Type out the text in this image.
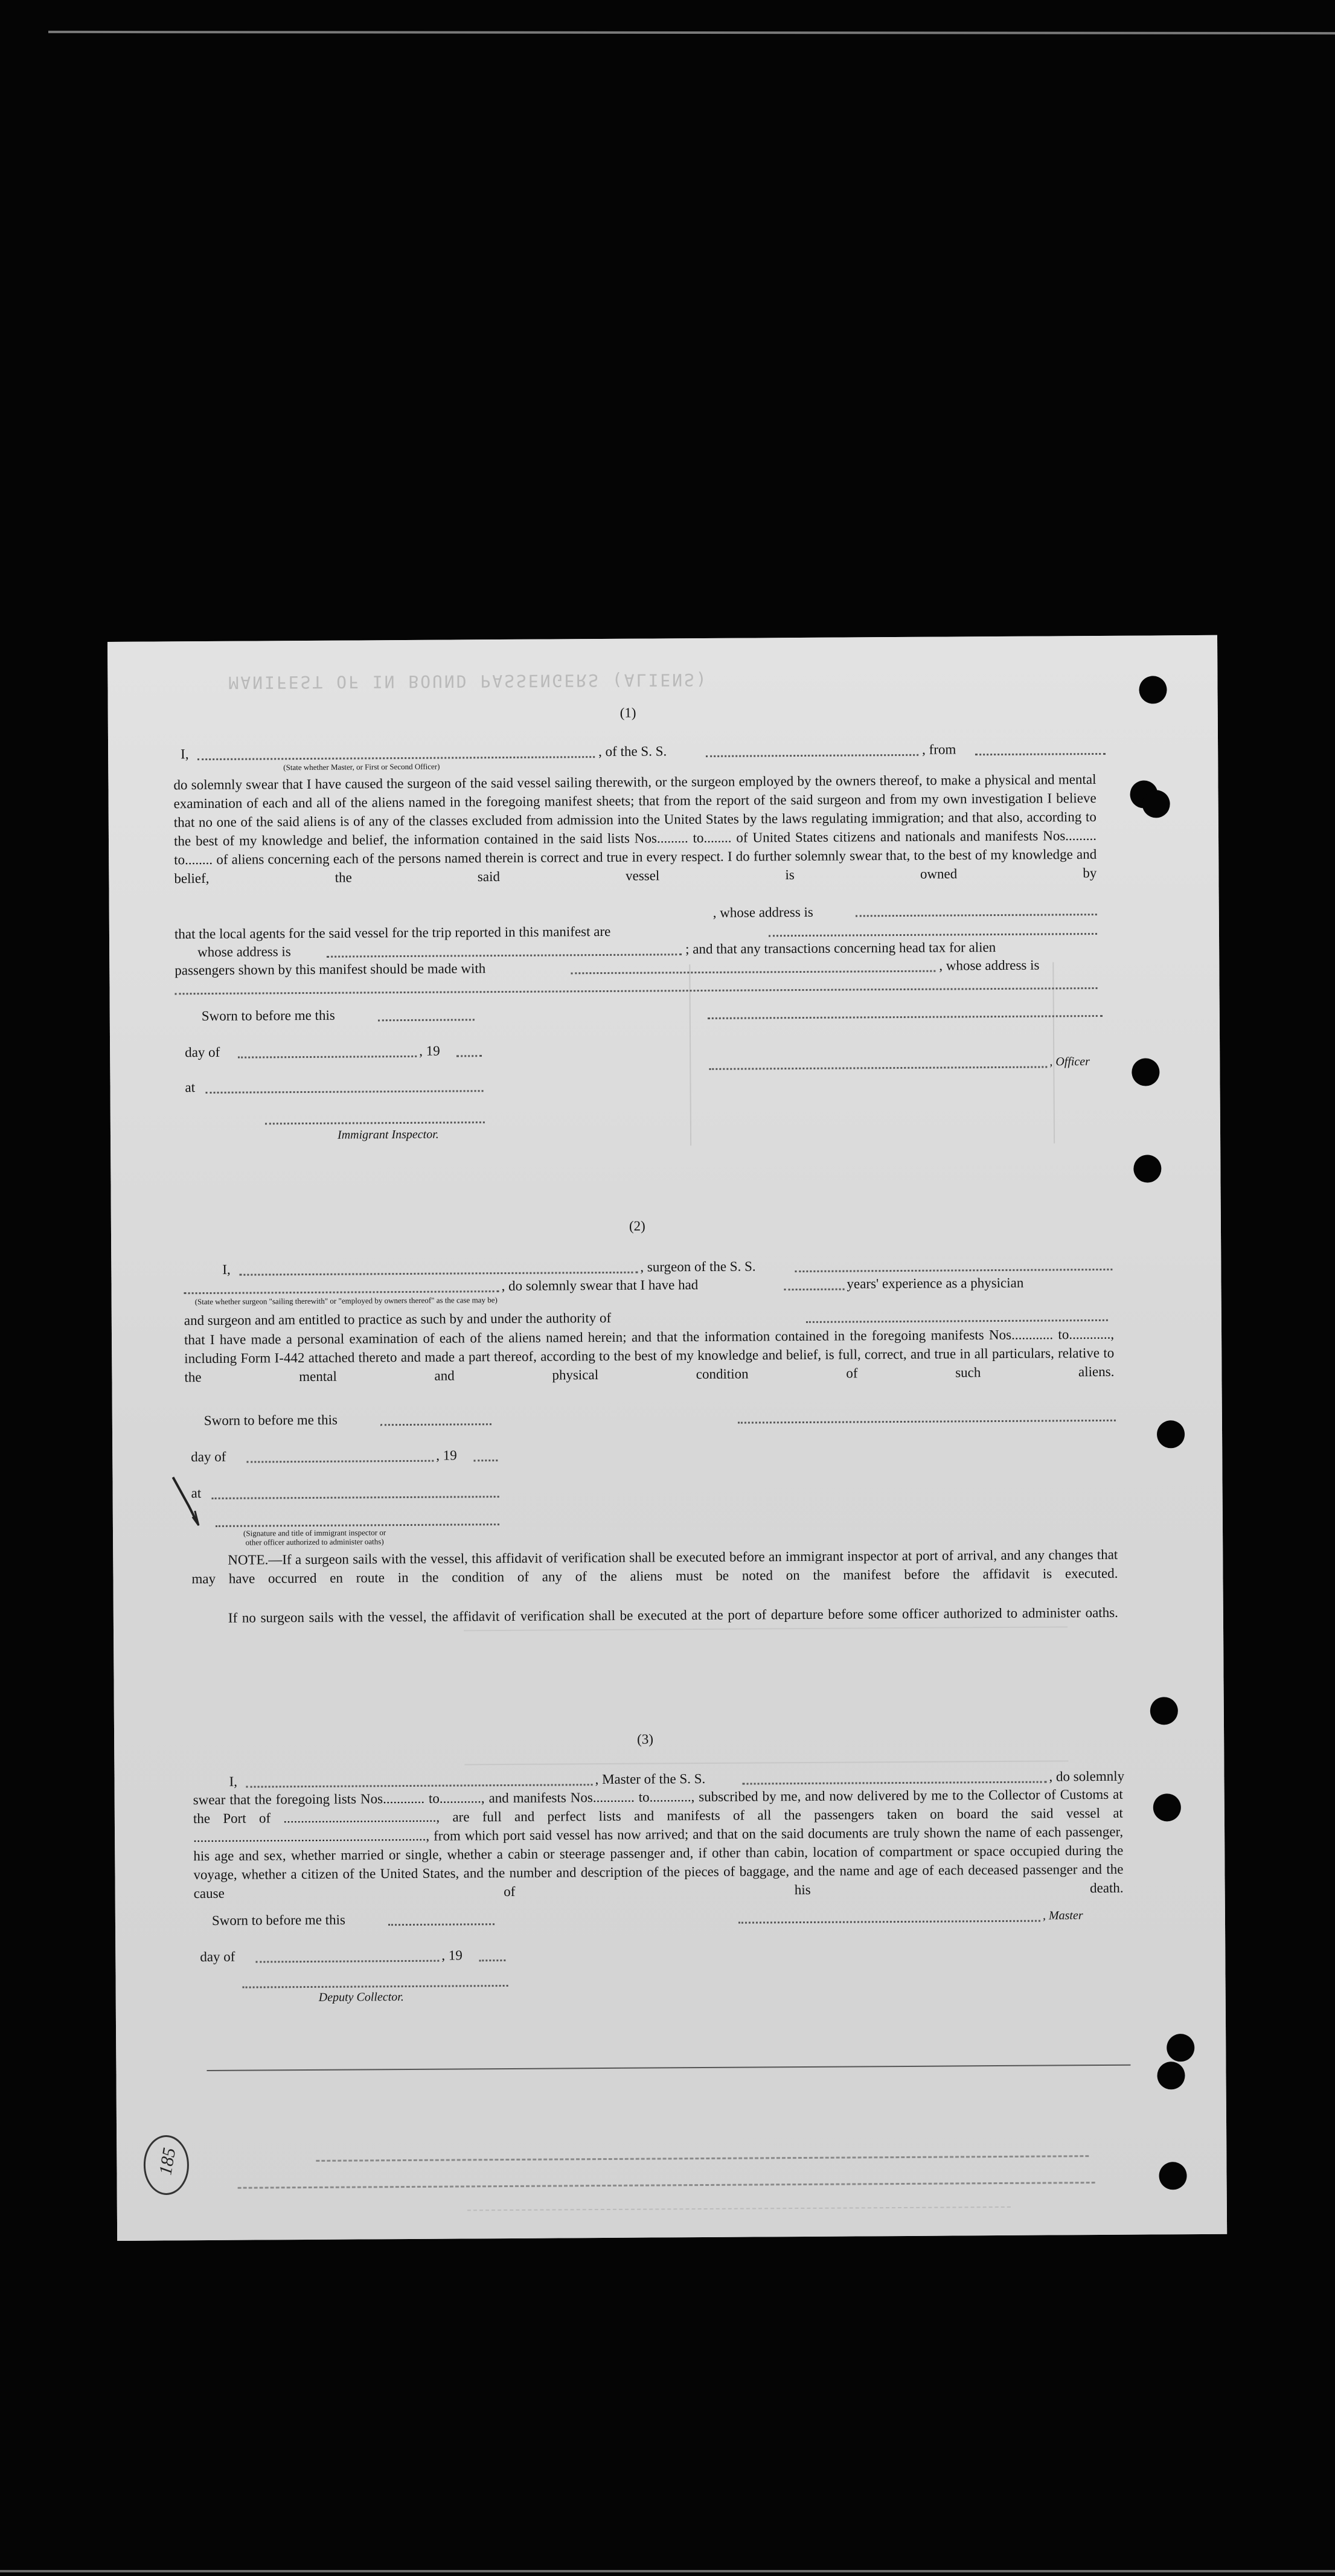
MANIFEST OF IN BOUND PASSENGERS (ALIENS)
(1)
I,	, of the S. S.	, from
(State whether Master, or First or Second Officer)
do solemnly swear that I have caused the surgeon of the said vessel sailing therewith, or the surgeon employed by the owners thereof, to make a physical and mental examination of each and all of the aliens named in the foregoing manifest sheets; that from the report of the said surgeon and from my own investigation I believe that no one of the said aliens is of any of the classes excluded from admission into the United States by the laws regulating immigration; and that also, according to the best of my knowledge and belief, the information contained in the said lists Nos......... to........ of United States citizens and nationals and manifests Nos......... to........ of aliens concerning each of the persons named therein is correct and true in every respect. I do further solemnly swear that, to the best of my knowledge and belief, the said vessel is owned by
, whose address is
that the local agents for the said vessel for the trip reported in this manifest are
whose address is	; and that any transactions concerning head tax for alien
passengers shown by this manifest should be made with	, whose address is
Sworn to before me this
day of	, 19
, Officer
at
Immigrant Inspector.
(2)
I,	, surgeon of the S. S.
, do solemnly swear that I have had	years' experience as a physician
(State whether surgeon "sailing therewith" or "employed by owners thereof" as the case may be)
and surgeon and am entitled to practice as such by and under the authority of
that I have made a personal examination of each of the aliens named herein; and that the information contained in the foregoing manifests Nos............ to............, including Form I-442 attached thereto and made a part thereof, according to the best of my knowledge and belief, is full, correct, and true in all particulars, relative to the mental and physical condition of such aliens.
Sworn to before me this
day of	, 19
at
(Signature and title of immigrant inspector or
other officer authorized to administer oaths)
NOTE.—If a surgeon sails with the vessel, this affidavit of verification shall be executed before an immigrant inspector at port of arrival, and any changes that may have occurred en route in the condition of any of the aliens must be noted on the manifest before the affidavit is executed.
If no surgeon sails with the vessel, the affidavit of verification shall be executed at the port of departure before some officer authorized to administer oaths.
(3)
I,	, Master of the S. S.	, do solemnly
swear that the foregoing lists Nos............ to............, and manifests Nos............ to............, subscribed by me, and now delivered by me to the Collector of Customs at the Port of ............................................, are full and perfect lists and manifests of all the passengers taken on board the said vessel at ..................................................................., from which port said vessel has now arrived; and that on the said documents are truly shown the name of each passenger, his age and sex, whether married or single, whether a cabin or steerage passenger and, if other than cabin, location of compartment or space occupied during the voyage, whether a citizen of the United States, and the number and description of the pieces of baggage, and the name and age of each deceased passenger and the cause of his death.
Sworn to before me this	, Master
day of	, 19
Deputy Collector.
185
